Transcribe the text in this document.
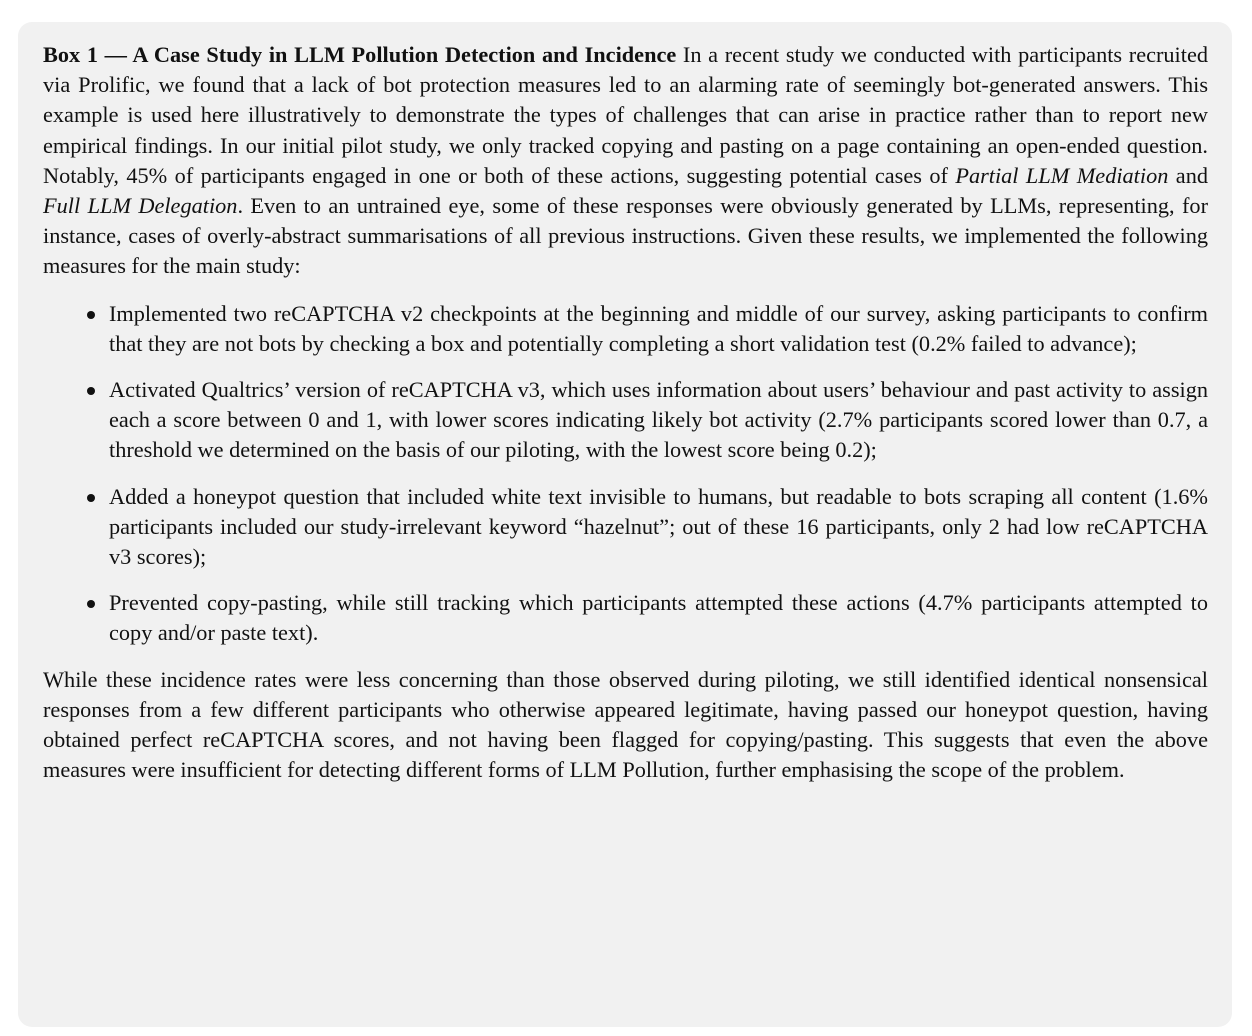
Box 1 — A Case Study in LLM Pollution Detection and Incidence In a recent study we conducted with participants recruited via Prolific, we found that a lack of bot protection measures led to an alarming rate of seemingly bot-generated answers. This example is used here illustratively to demonstrate the types of challenges that can arise in practice rather than to report new empirical findings. In our initial pilot study, we only tracked copying and pasting on a page containing an open-ended question. Notably, 45% of participants engaged in one or both of these actions, suggesting potential cases of Partial LLM Mediation and Full LLM Delegation. Even to an untrained eye, some of these responses were obviously generated by LLMs, representing, for instance, cases of overly-abstract summarisations of all previous instructions. Given these results, we implemented the following measures for the main study:

Implemented two reCAPTCHA v2 checkpoints at the beginning and middle of our survey, asking participants to confirm that they are not bots by checking a box and potentially completing a short validation test (0.2% failed to advance);
Activated Qualtrics’ version of reCAPTCHA v3, which uses information about users’ behaviour and past activity to assign each a score between 0 and 1, with lower scores indicating likely bot activity (2.7% participants scored lower than 0.7, a threshold we determined on the basis of our piloting, with the lowest score being 0.2);
Added a honeypot question that included white text invisible to humans, but readable to bots scraping all content (1.6% participants included our study-irrelevant keyword “hazelnut”; out of these 16 participants, only 2 had low reCAPTCHA v3 scores);
Prevented copy-pasting, while still tracking which participants attempted these actions (4.7% participants attempted to copy and/or paste text).

While these incidence rates were less concerning than those observed during piloting, we still identified identical nonsensical responses from a few different participants who otherwise appeared legitimate, having passed our honeypot question, having obtained perfect reCAPTCHA scores, and not having been flagged for copying/pasting. This suggests that even the above measures were insufficient for detecting different forms of LLM Pollution, further emphasising the scope of the problem.
